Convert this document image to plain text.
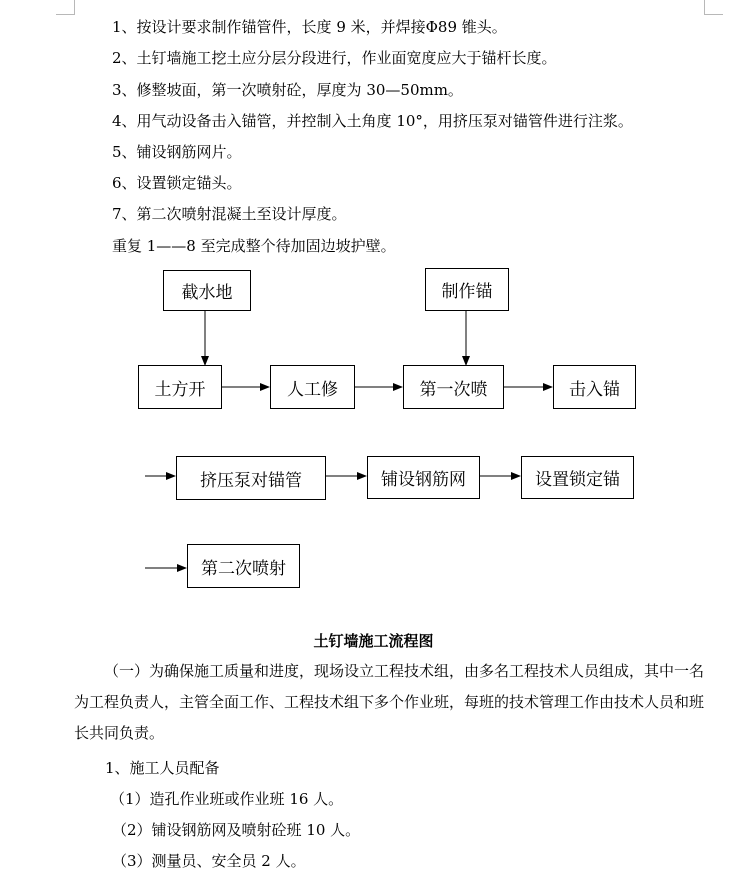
1、按设计要求制作锚管件，长度 9 米，并焊接Φ89 锥头。
2、土钉墙施工挖土应分层分段进行，作业面宽度应大于锚杆长度。
3、修整坡面，第一次喷射砼，厚度为 30—50mm。
4、用气动设备击入锚管，并控制入土角度 10°，用挤压泵对锚管件进行注浆。
5、铺设钢筋网片。
6、设置锁定锚头。
7、第二次喷射混凝土至设计厚度。
重复 1——8 至完成整个待加固边坡护壁。
截水地	制作锚
土方开	人工修	第一次喷	击入锚
挤压泵对锚管	铺设钢筋网	设置锁定锚
第二次喷射
土钉墙施工流程图
（一）为确保施工质量和进度，现场设立工程技术组，由多名工程技术人员组成，其中一名为工程负责人，主管全面工作、工程技术组下多个作业班，每班的技术管理工作由技术人员和班长共同负责。
1、施工人员配备
（1）造孔作业班或作业班 16 人。
（2）铺设钢筋网及喷射砼班 10 人。
（3）测量员、安全员 2 人。
